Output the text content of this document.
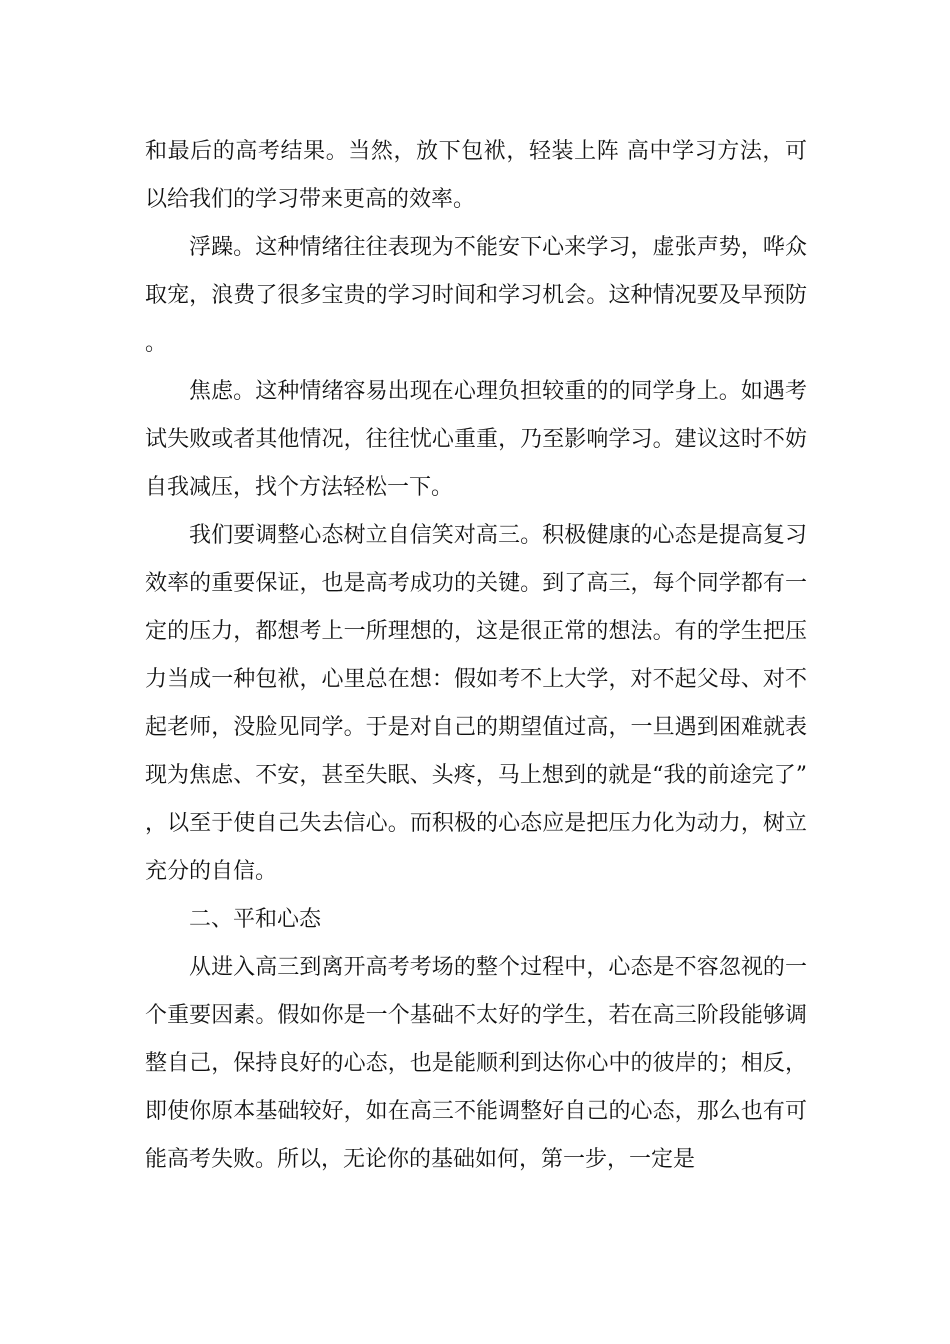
和最后的高考结果。当然，放下包袱，轻装上阵 高中学习方法，可以给我们的学习带来更高的效率。

浮躁。这种情绪往往表现为不能安下心来学习，虚张声势，哗众取宠，浪费了很多宝贵的学习时间和学习机会。这种情况要及早预防。

焦虑。这种情绪容易出现在心理负担较重的的同学身上。如遇考试失败或者其他情况，往往忧心重重，乃至影响学习。建议这时不妨自我减压，找个方法轻松一下。

我们要调整心态树立自信笑对高三。积极健康的心态是提高复习效率的重要保证，也是高考成功的关键。到了高三，每个同学都有一定的压力，都想考上一所理想的，这是很正常的想法。有的学生把压力当成一种包袱，心里总在想：假如考不上大学，对不起父母、对不起老师，没脸见同学。于是对自己的期望值过高，一旦遇到困难就表现为焦虑、不安，甚至失眠、头疼，马上想到的就是“我的前途完了”，以至于使自己失去信心。而积极的心态应是把压力化为动力，树立充分的自信。

二、平和心态

从进入高三到离开高考考场的整个过程中，心态是不容忽视的一个重要因素。假如你是一个基础不太好的学生，若在高三阶段能够调整自己，保持良好的心态，也是能顺利到达你心中的彼岸的；相反，即使你原本基础较好，如在高三不能调整好自己的心态，那么也有可能高考失败。所以，无论你的基础如何，第一步，一定是
